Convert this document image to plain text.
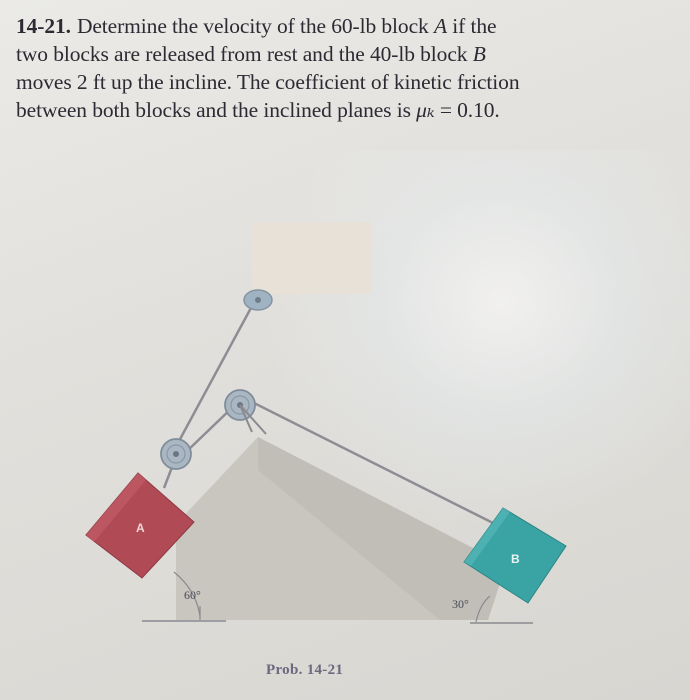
14-21. Determine the velocity of the 60-lb block A if the
two blocks are released from rest and the 40-lb block B
moves 2 ft up the incline. The coefficient of kinetic friction
between both blocks and the inclined planes is μₖ = 0.10.
A
B
60°
30°
Prob. 14-21
